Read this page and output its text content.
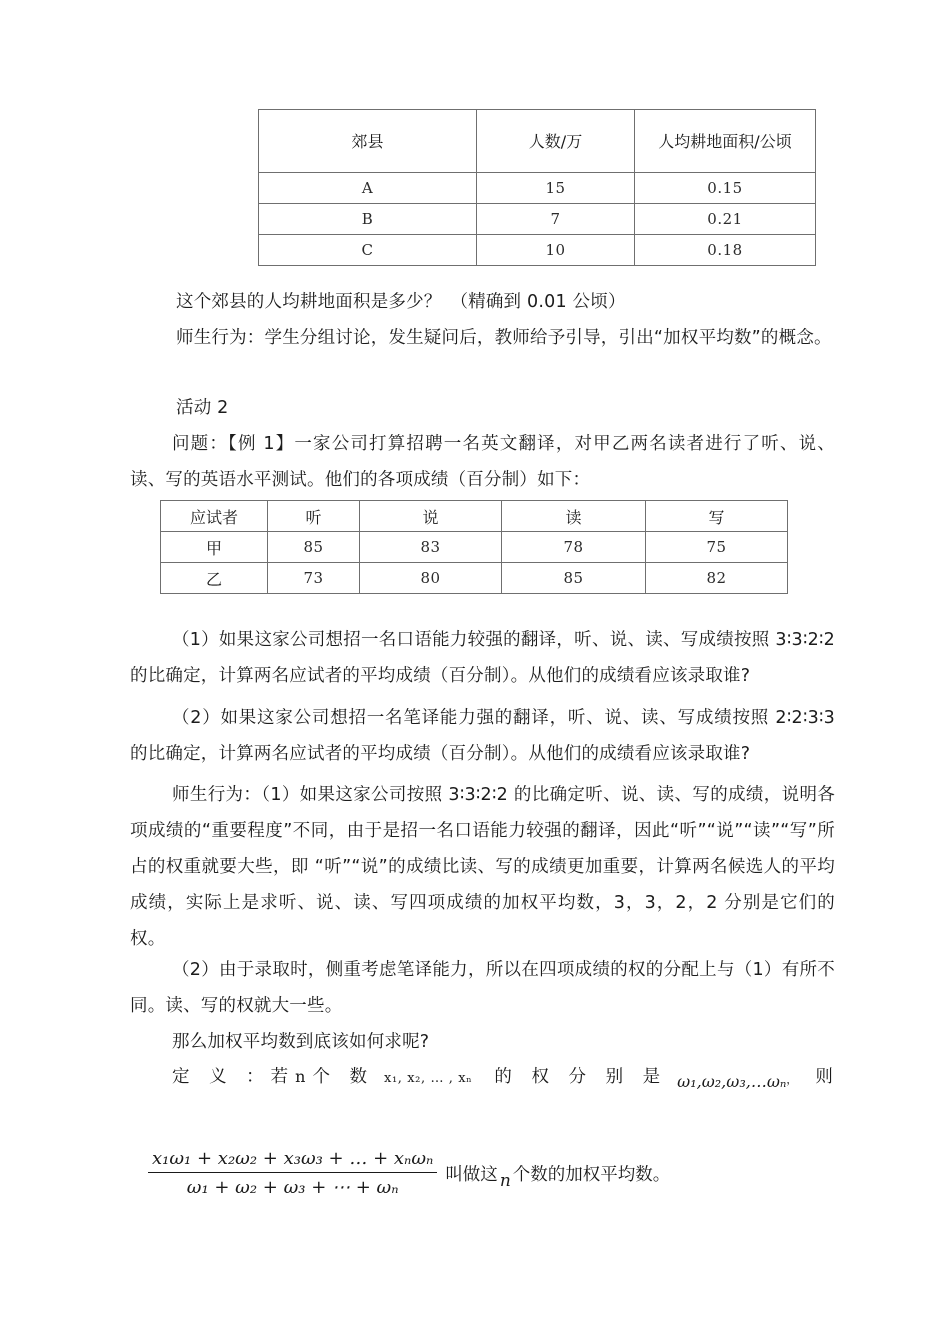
郊县	人数/万	人均耕地面积/公顷
A	15	0.15
B	7	0.21
C	10	0.18
这个郊县的人均耕地面积是多少？　（精确到 0.01 公顷）
师生行为：学生分组讨论，发生疑问后，教师给予引导，引出“加权平均数”的概念。
活动 2
问题：【例 1】一家公司打算招聘一名英文翻译，对甲乙两名读者进行了听、说、读、写的英语水平测试。他们的各项成绩（百分制）如下：
应试者	听	说	读	写
甲	85	83	78	75
乙	73	80	85	82
（1）如果这家公司想招一名口语能力较强的翻译，听、说、读、写成绩按照 3∶3∶2∶2 的比确定，计算两名应试者的平均成绩（百分制）。从他们的成绩看应该录取谁?
（2）如果这家公司想招一名笔译能力强的翻译，听、说、读、写成绩按照 2∶2∶3∶3 的比确定，计算两名应试者的平均成绩（百分制）。从他们的成绩看应该录取谁?
师生行为：（1）如果这家公司按照 3∶3∶2∶2 的比确定听、说、读、写的成绩，说明各项成绩的“重要程度”不同，由于是招一名口语能力较强的翻译，因此“听”“说”“读”“写”所占的权重就要大些，即 “听”“说”的成绩比读、写的成绩更加重要，计算两名候选人的平均成绩，实际上是求听、说、读、写四项成绩的加权平均数，3，3，2，2 分别是它们的权。
（2）由于录取时，侧重考虑笔译能力，所以在四项成绩的权的分配上与（1）有所不同。读、写的权就大一些。
那么加权平均数到底该如何求呢?
定 义 ：若n个 数 x₁, x₂, … , xₙ 的 权 分 别 是 ω₁,ω₂,ω₃,…ωₙ， 则
$\frac{\text{x₁ω₁ + x₂ω₂ + x₃ω₃ + … + xₙωₙ}}{\text{ω₁ + ω₂ + ω₃ + ⋯ + ωₙ}}$ 叫做这 n 个数的加权平均数。
